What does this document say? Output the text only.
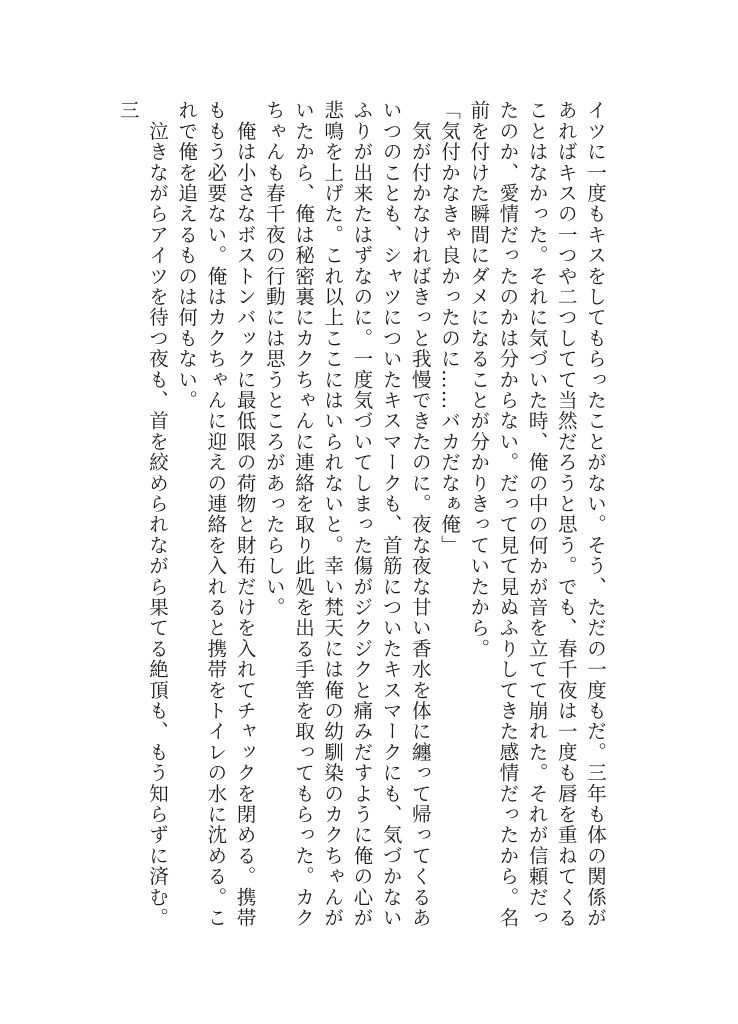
イツに一度もキスをしてもらったことがない。そう、ただの一度もだ。三年も体の関係があればキスの一つや二つしてて当然だろうと思う。でも、春千夜は一度も唇を重ねてくることはなかった。それに気づいた時、俺の中の何かが音を立てて崩れた。それが信頼だったのか、愛情だったのかは分からない。だって見て見ぬふりしてきた感情だったから。名前を付けた瞬間にダメになることが分かりきっていたから。

「気付かなきゃ良かったのに……バカだなぁ俺」

　気が付かなければきっと我慢できたのに。夜な夜な甘い香水を体に纏って帰ってくるあいつのことも、シャツについたキスマークも、首筋についたキスマークにも、気づかないふりが出来たはずなのに。一度気づいてしまった傷がジクジクと痛みだすように俺の心が悲鳴を上げた。これ以上ここにはいられないと。幸い梵天には俺の幼馴染のカクちゃんがいたから、俺は秘密裏にカクちゃんに連絡を取り此処を出る手筈を取ってもらった。カクちゃんも春千夜の行動には思うところがあったらしい。

　俺は小さなボストンバックに最低限の荷物と財布だけを入れてチャックを閉める。携帯ももう必要ない。俺はカクちゃんに迎えの連絡を入れると携帯をトイレの水に沈める。これで俺を追えるものは何もない。

　泣きながらアイツを待つ夜も、首を絞められながら果てる絶頂も、もう知らずに済む。三
